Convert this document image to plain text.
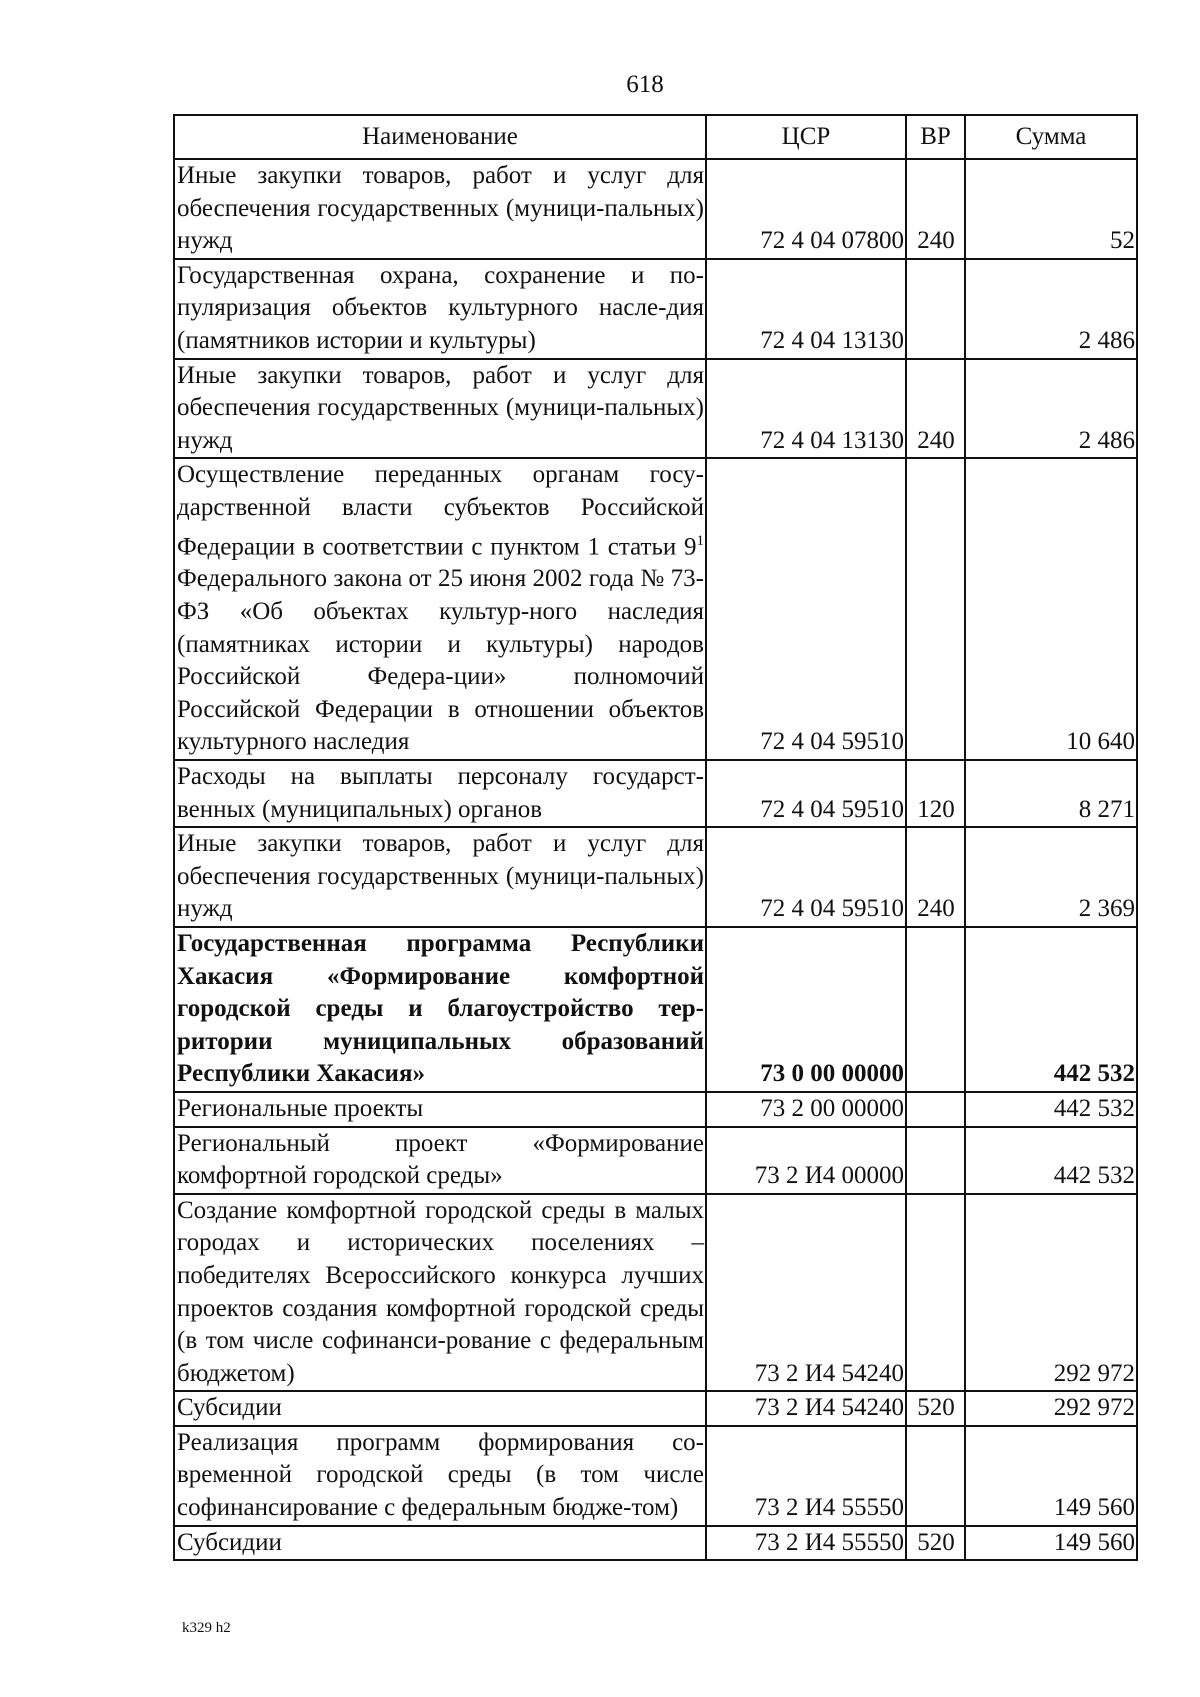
618
Наименование	ЦСР	ВР	Сумма
Иные закупки товаров, работ и услуг для обеспечения государственных (муници-пальных) нужд	72 4 04 07800	240	52
Государственная охрана, сохранение и по-пуляризация объектов культурного насле-дия (памятников истории и культуры)	72 4 04 13130		2 486
Иные закупки товаров, работ и услуг для обеспечения государственных (муници-пальных) нужд	72 4 04 13130	240	2 486
Осуществление переданных органам госу-дарственной власти субъектов Российской Федерации в соответствии с пунктом 1 статьи $9^1$ Федерального закона от 25 июня 2002 года № 73-ФЗ «Об объектах культур-ного наследия (памятниках истории и культуры) народов Российской Федера-ции» полномочий Российской Федерации в отношении объектов культурного наследия	72 4 04 59510		10 640
Расходы на выплаты персоналу государст-венных (муниципальных) органов	72 4 04 59510	120	8 271
Иные закупки товаров, работ и услуг для обеспечения государственных (муници-пальных) нужд	72 4 04 59510	240	2 369
Государственная программа Республики Хакасия «Формирование комфортной городской среды и благоустройство тер-ритории муниципальных образований Республики Хакасия»	73 0 00 00000		442 532
Региональные проекты	73 2 00 00000		442 532
Региональный проект «Формирование комфортной городской среды»	73 2 И4 00000		442 532
Создание комфортной городской среды в малых городах и исторических поселениях – победителях Всероссийского конкурса лучших проектов создания комфортной городской среды (в том числе софинанси-рование с федеральным бюджетом)	73 2 И4 54240		292 972
Субсидии	73 2 И4 54240	520	292 972
Реализация программ формирования со-временной городской среды (в том числе софинансирование с федеральным бюдже-том)	73 2 И4 55550		149 560
Субсидии	73 2 И4 55550	520	149 560
k329 h2
